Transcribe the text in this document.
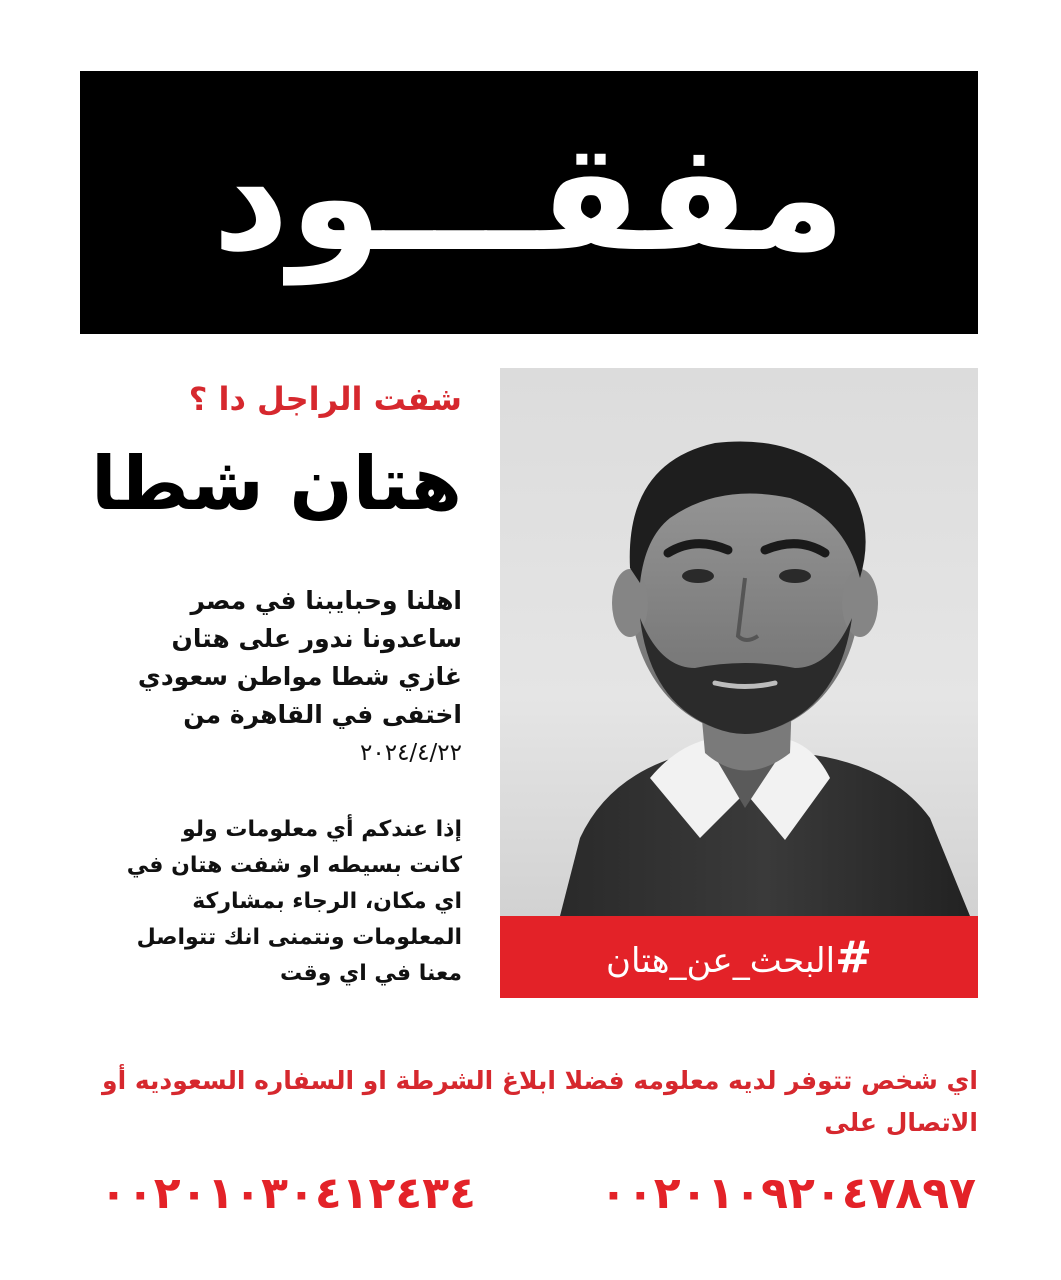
مفقـــود
شفت الراجل دا ؟
هتان شطا
اهلنا وحبايبنا في مصر
ساعدونا ندور على هتان
غازي شطا مواطن سعودي
اختفى في القاهرة من
٢٠٢٤/٤/٢٢
إذا عندكم أي معلومات ولو
كانت بسيطه او شفت هتان في
اي مكان، الرجاء بمشاركة
المعلومات ونتمنى انك تتواصل
معنا في اي وقت	#البحث_عن_هتان
اي شخص تتوفر لديه معلومه فضلا ابلاغ الشرطة او السفاره السعوديه أو الاتصال على
٠٠٢٠١٠٣٠٤١٢٤٣٤	٠٠٢٠١٠٩٢٠٤٧٨٩٧
